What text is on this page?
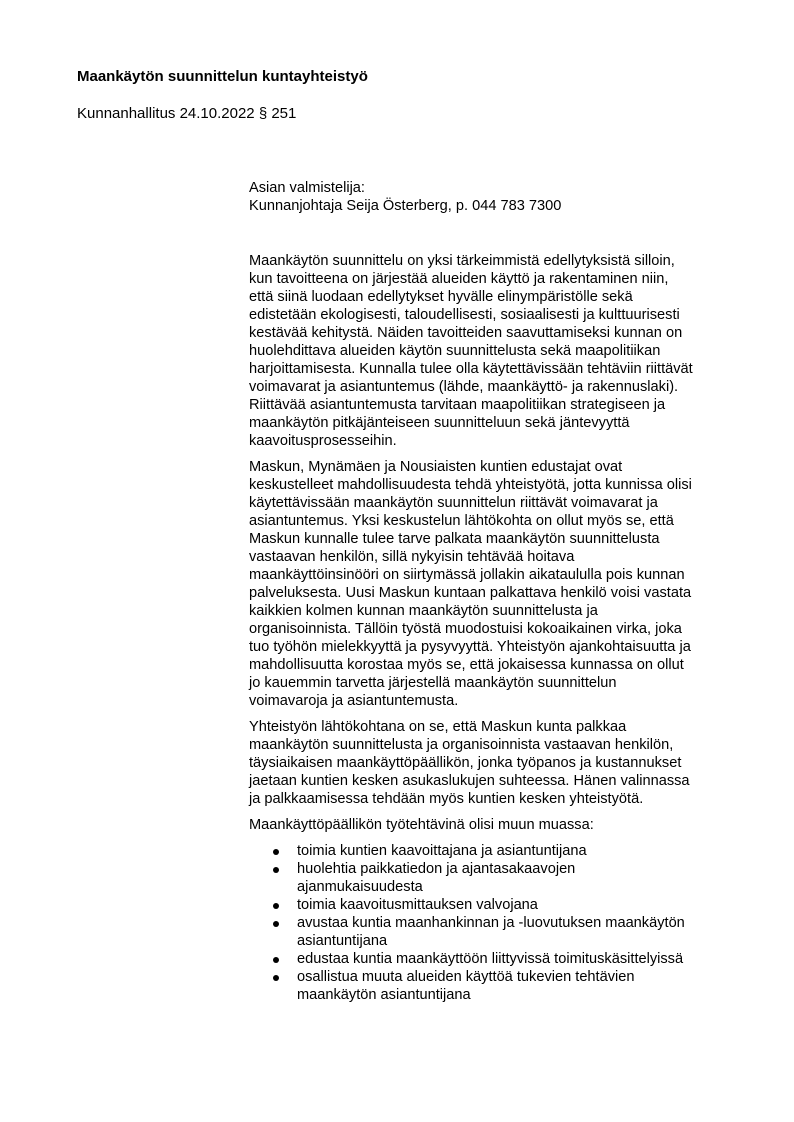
Maankäytön suunnittelun kuntayhteistyö

Kunnanhallitus 24.10.2022 § 251

Asian valmistelija:
Kunnanjohtaja Seija Österberg, p. 044 783 7300

Maankäytön suunnittelu on yksi tärkeimmistä edellytyksistä silloin,
kun tavoitteena on järjestää alueiden käyttö ja rakentaminen niin,
että siinä luodaan edellytykset hyvälle elinympäristölle sekä
edistetään ekologisesti, taloudellisesti, sosiaalisesti ja kulttuurisesti
kestävää kehitystä. Näiden tavoitteiden saavuttamiseksi kunnan on
huolehdittava alueiden käytön suunnittelusta sekä maapolitiikan
harjoittamisesta. Kunnalla tulee olla käytettävissään tehtäviin riittävät
voimavarat ja asiantuntemus (lähde, maankäyttö- ja rakennuslaki).
Riittävää asiantuntemusta tarvitaan maapolitiikan strategiseen ja
maankäytön pitkäjänteiseen suunnitteluun sekä jäntevyyttä
kaavoitusprosesseihin.

Maskun, Mynämäen ja Nousiaisten kuntien edustajat ovat
keskustelleet mahdollisuudesta tehdä yhteistyötä, jotta kunnissa olisi
käytettävissään maankäytön suunnittelun riittävät voimavarat ja
asiantuntemus. Yksi keskustelun lähtökohta on ollut myös se, että
Maskun kunnalle tulee tarve palkata maankäytön suunnittelusta
vastaavan henkilön, sillä nykyisin tehtävää hoitava
maankäyttöinsinööri on siirtymässä jollakin aikataululla pois kunnan
palveluksesta. Uusi Maskun kuntaan palkattava henkilö voisi vastata
kaikkien kolmen kunnan maankäytön suunnittelusta ja
organisoinnista. Tällöin työstä muodostuisi kokoaikainen virka, joka
tuo työhön mielekkyyttä ja pysyvyyttä. Yhteistyön ajankohtaisuutta ja
mahdollisuutta korostaa myös se, että jokaisessa kunnassa on ollut
jo kauemmin tarvetta järjestellä maankäytön suunnittelun
voimavaroja ja asiantuntemusta.

Yhteistyön lähtökohtana on se, että Maskun kunta palkkaa
maankäytön suunnittelusta ja organisoinnista vastaavan henkilön,
täysiaikaisen maankäyttöpäällikön, jonka työpanos ja kustannukset
jaetaan kuntien kesken asukaslukujen suhteessa. Hänen valinnassa
ja palkkaamisessa tehdään myös kuntien kesken yhteistyötä.

Maankäyttöpäällikön työtehtävinä olisi muun muassa:

toimia kuntien kaavoittajana ja asiantuntijana
huolehtia paikkatiedon ja ajantasakaavojen
ajanmukaisuudesta
toimia kaavoitusmittauksen valvojana
avustaa kuntia maanhankinnan ja -luovutuksen maankäytön
asiantuntijana
edustaa kuntia maankäyttöön liittyvissä toimituskäsittelyissä
osallistua muuta alueiden käyttöä tukevien tehtävien
maankäytön asiantuntijana
